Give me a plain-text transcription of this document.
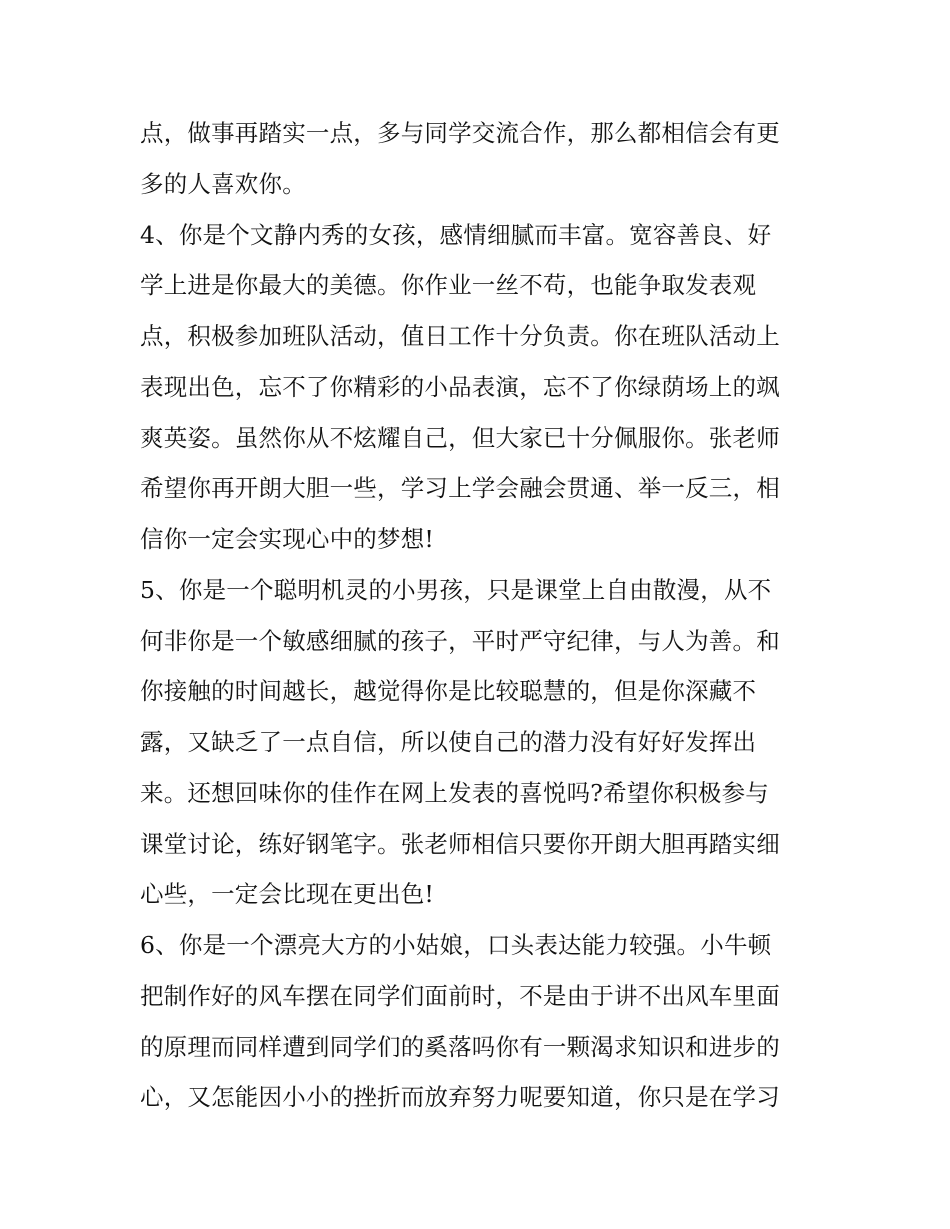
点，做事再踏实一点，多与同学交流合作，那么都相信会有更
多的人喜欢你。
4、你是个文静内秀的女孩，感情细腻而丰富。宽容善良、好
学上进是你最大的美德。你作业一丝不苟，也能争取发表观
点，积极参加班队活动，值日工作十分负责。你在班队活动上
表现出色，忘不了你精彩的小品表演，忘不了你绿荫场上的飒
爽英姿。虽然你从不炫耀自己，但大家已十分佩服你。张老师
希望你再开朗大胆一些，学习上学会融会贯通、举一反三，相
信你一定会实现心中的梦想!
5、你是一个聪明机灵的小男孩，只是课堂上自由散漫，从不
何非你是一个敏感细腻的孩子，平时严守纪律，与人为善。和
你接触的时间越长，越觉得你是比较聪慧的，但是你深藏不
露，又缺乏了一点自信，所以使自己的潜力没有好好发挥出
来。还想回味你的佳作在网上发表的喜悦吗?希望你积极参与
课堂讨论，练好钢笔字。张老师相信只要你开朗大胆再踏实细
心些，一定会比现在更出色!
6、你是一个漂亮大方的小姑娘，口头表达能力较强。小牛顿
把制作好的风车摆在同学们面前时，不是由于讲不出风车里面
的原理而同样遭到同学们的奚落吗你有一颗渴求知识和进步的
心，又怎能因小小的挫折而放弃努力呢要知道，你只是在学习
